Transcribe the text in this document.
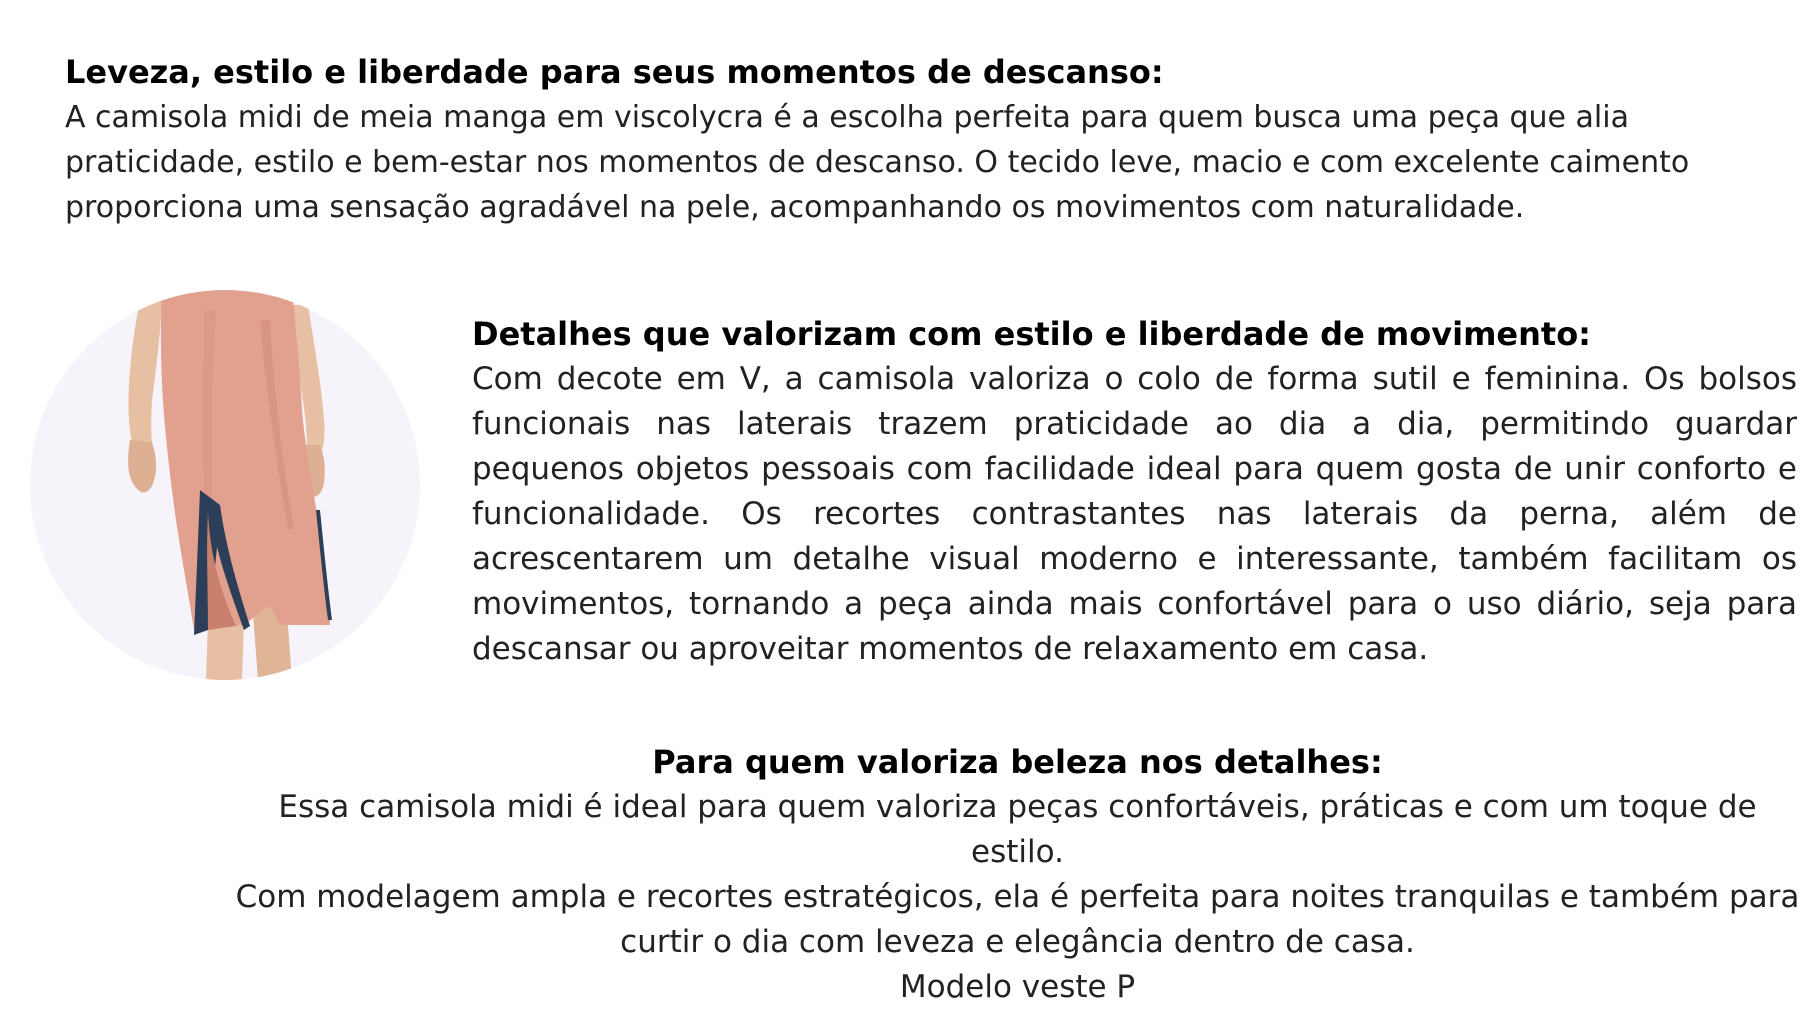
Leveza, estilo e liberdade para seus momentos de descanso:

A camisola midi de meia manga em viscolycra é a escolha perfeita para quem busca uma peça que alia praticidade, estilo e bem-estar nos momentos de descanso. O tecido leve, macio e com excelente caimento proporciona uma sensação agradável na pele, acompanhando os movimentos com naturalidade.

Detalhes que valorizam com estilo e liberdade de movimento:

Com decote em V, a camisola valoriza o colo de forma sutil e feminina. Os bolsos funcionais nas laterais trazem praticidade ao dia a dia, permitindo guardar pequenos objetos pessoais com facilidade ideal para quem gosta de unir conforto e funcionalidade. Os recortes contrastantes nas laterais da perna, além de acrescentarem um detalhe visual moderno e interessante, também facilitam os movimentos, tornando a peça ainda mais confortável para o uso diário, seja para descansar ou aproveitar momentos de relaxamento em casa.

Para quem valoriza beleza nos detalhes:

Essa camisola midi é ideal para quem valoriza peças confortáveis, práticas e com um toque de estilo.

Com modelagem ampla e recortes estratégicos, ela é perfeita para noites tranquilas e também para

curtir o dia com leveza e elegância dentro de casa.

Modelo veste P
